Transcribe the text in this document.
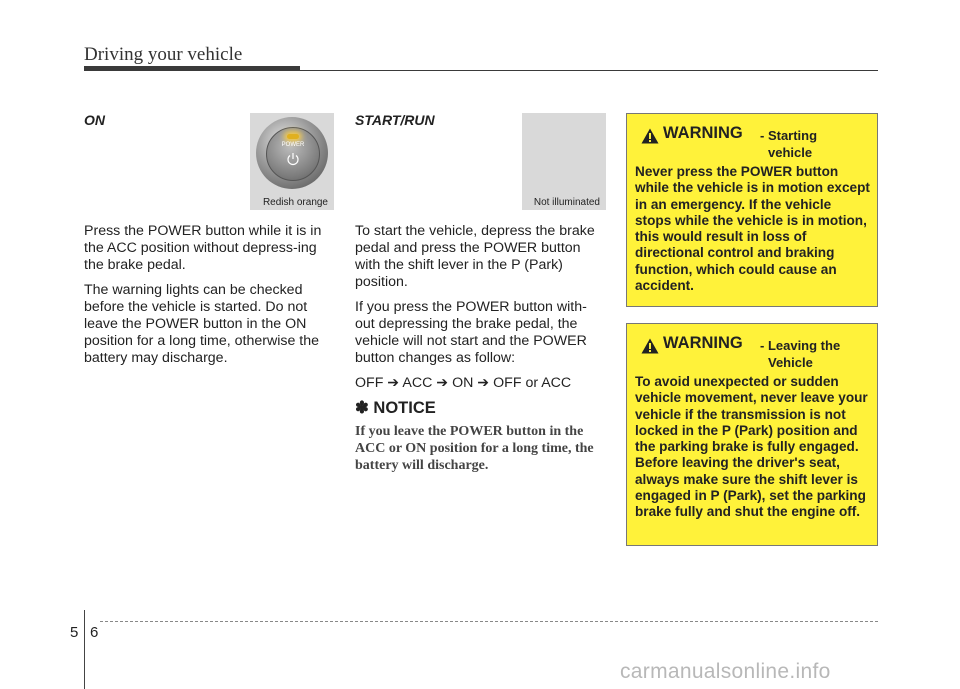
Driving your vehicle
ON
POWER
Redish orange

Press the POWER button while it is in the ACC position without depress-ing the brake pedal.

The warning lights can be checked before the vehicle is started. Do not leave the POWER button in the ON position for a long time, otherwise the battery may discharge.

START/RUN
Not illuminated

To start the vehicle, depress the brake pedal and press the POWER button with the shift lever in the P (Park) position.

If you press the POWER button with-out depressing the brake pedal, the vehicle will not start and the POWER button changes as follow:

OFF ➔ ACC ➔ ON ➔ OFF or ACC

✽ NOTICE
If you leave the POWER button in the ACC or ON position for a long time, the battery will discharge.
WARNING - Starting
vehicle
Never press the POWER button while the vehicle is in motion except in an emergency. If the vehicle stops while the vehicle is in motion, this would result in loss of directional control and braking function, which could cause an accident.
WARNING - Leaving the
Vehicle
To avoid unexpected or sudden vehicle movement, never leave your vehicle if the transmission is not locked in the P (Park) position and the parking brake is fully engaged. Before leaving the driver's seat, always make sure the shift lever is engaged in P (Park), set the parking brake fully and shut the engine off.
5 6
carmanualsonline.info
